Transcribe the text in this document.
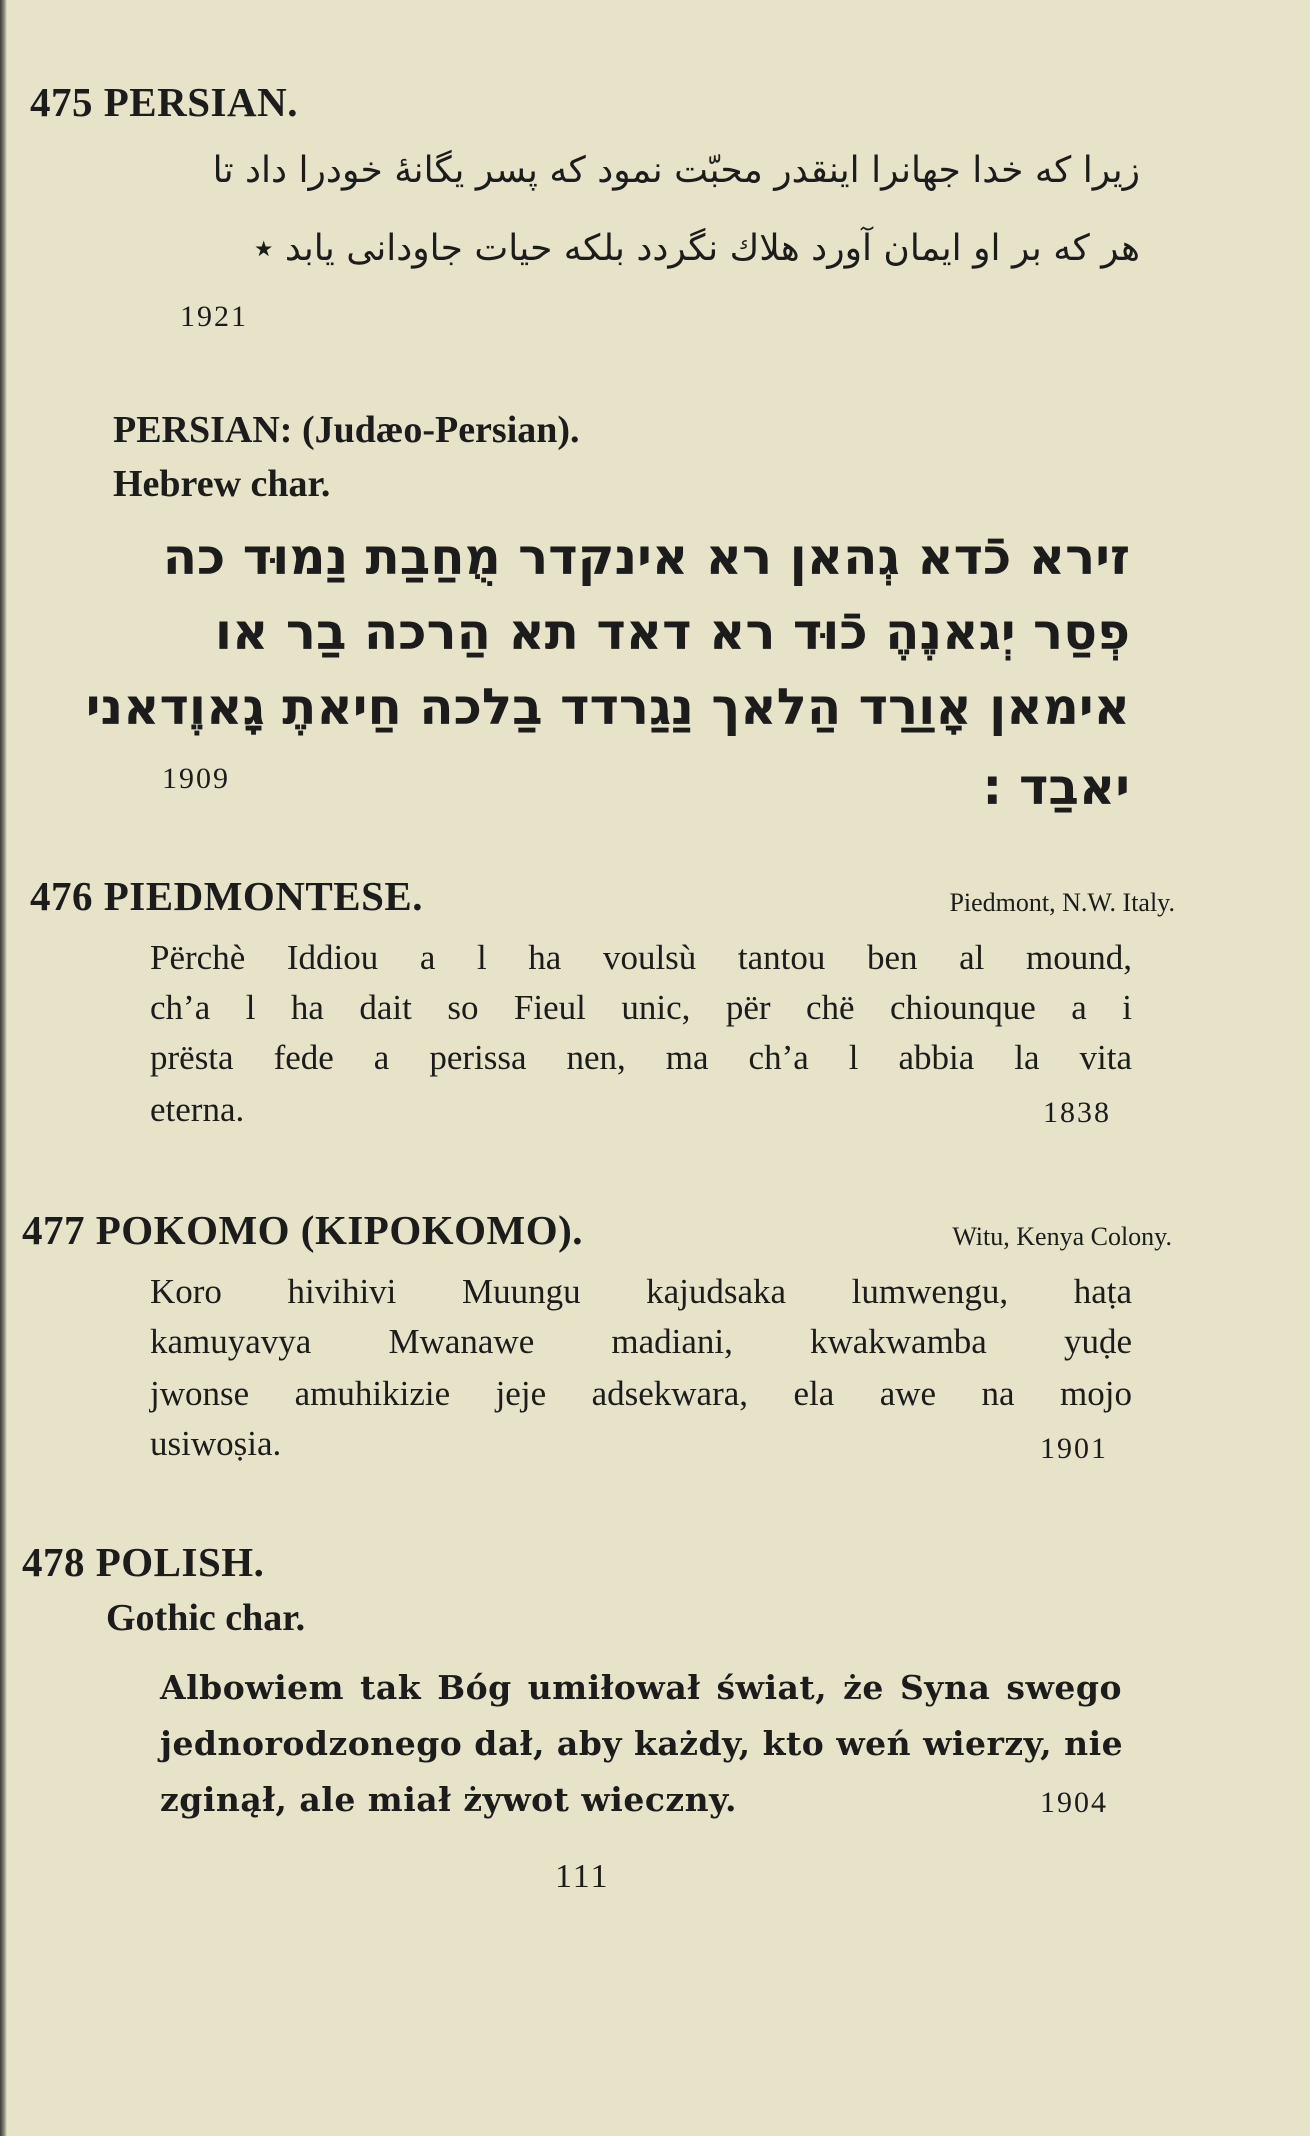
475 PERSIAN.
زیرا که خدا جهانرا اینقدر محبّت نمود که پسر یگانهٔ خودرا داد تا
هر که بر او ایمان آورد هلاك نگردد بلکه حیات جاودانی یابد ٭
1921
PERSIAN: (Judæo-Persian).
Hebrew char.
זירא כֿדא גְהאן רא אינקדר מֻחַבַת נַמוּד כה
פְסַר יְגאנֶהֶ כֿוּד רא דאד תא הַרכה בַר או
אימאן אָוַרַד הַלאך נַגַרדד בַלכה חַיאתֶ גָאוֶדאני
יאבַד ׃
1909
476 PIEDMONTESE.	Piedmont, N.W. Italy.
Përchè Iddiou a l ha voulsù tantou ben al mound,
ch’a l ha dait so Fieul unic, për chë chiounque a i
prësta fede a perissa nen, ma ch’a l abbia la vita
eterna.	1838
477 POKOMO (KIPOKOMO).	Witu, Kenya Colony.
Koro hivihivi Muungu kajudsaka lumwengu, haṭa
kamuyavya Mwanawe madiani, kwakwamba yuḍe
jwonse amuhikizie jeje adsekwara, ela awe na mojo
usiwoṣia.	1901
478 POLISH.
Gothic char.
Albowiem tak Bóg umiłował świat, że Syna swego
jednorodzonego dał, aby każdy, kto weń wierzy, nie
zginął, ale miał żywot wieczny.	1904
111
